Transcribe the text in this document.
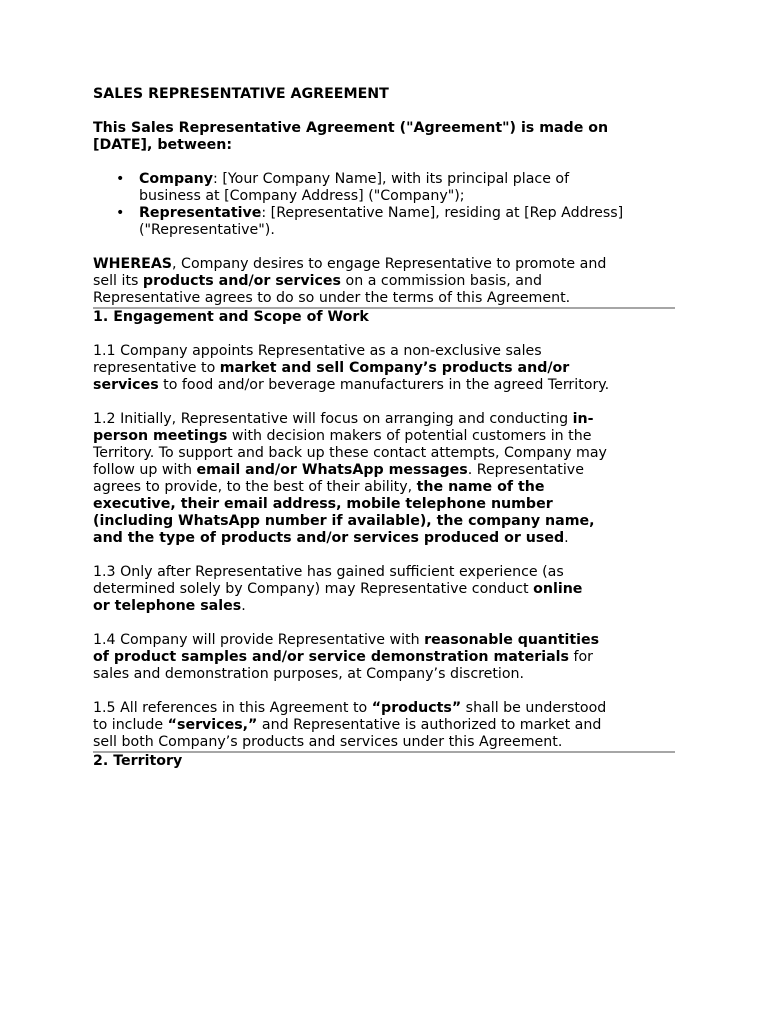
SALES REPRESENTATIVE AGREEMENT

This Sales Representative Agreement ("Agreement") is made on
[DATE], between:

• Company: [Your Company Name], with its principal place of
business at [Company Address] ("Company");
• Representative: [Representative Name], residing at [Rep Address]
("Representative").

WHEREAS, Company desires to engage Representative to promote and
sell its products and/or services on a commission basis, and
Representative agrees to do so under the terms of this Agreement.

1. Engagement and Scope of Work

1.1 Company appoints Representative as a non-exclusive sales
representative to market and sell Company’s products and/or
services to food and/or beverage manufacturers in the agreed Territory.

1.2 Initially, Representative will focus on arranging and conducting in-
person meetings with decision makers of potential customers in the
Territory. To support and back up these contact attempts, Company may
follow up with email and/or WhatsApp messages. Representative
agrees to provide, to the best of their ability, the name of the
executive, their email address, mobile telephone number
(including WhatsApp number if available), the company name,
and the type of products and/or services produced or used.

1.3 Only after Representative has gained sufficient experience (as
determined solely by Company) may Representative conduct online
or telephone sales.

1.4 Company will provide Representative with reasonable quantities
of product samples and/or service demonstration materials for
sales and demonstration purposes, at Company’s discretion.

1.5 All references in this Agreement to “products” shall be understood
to include “services,” and Representative is authorized to market and
sell both Company’s products and services under this Agreement.

2. Territory
